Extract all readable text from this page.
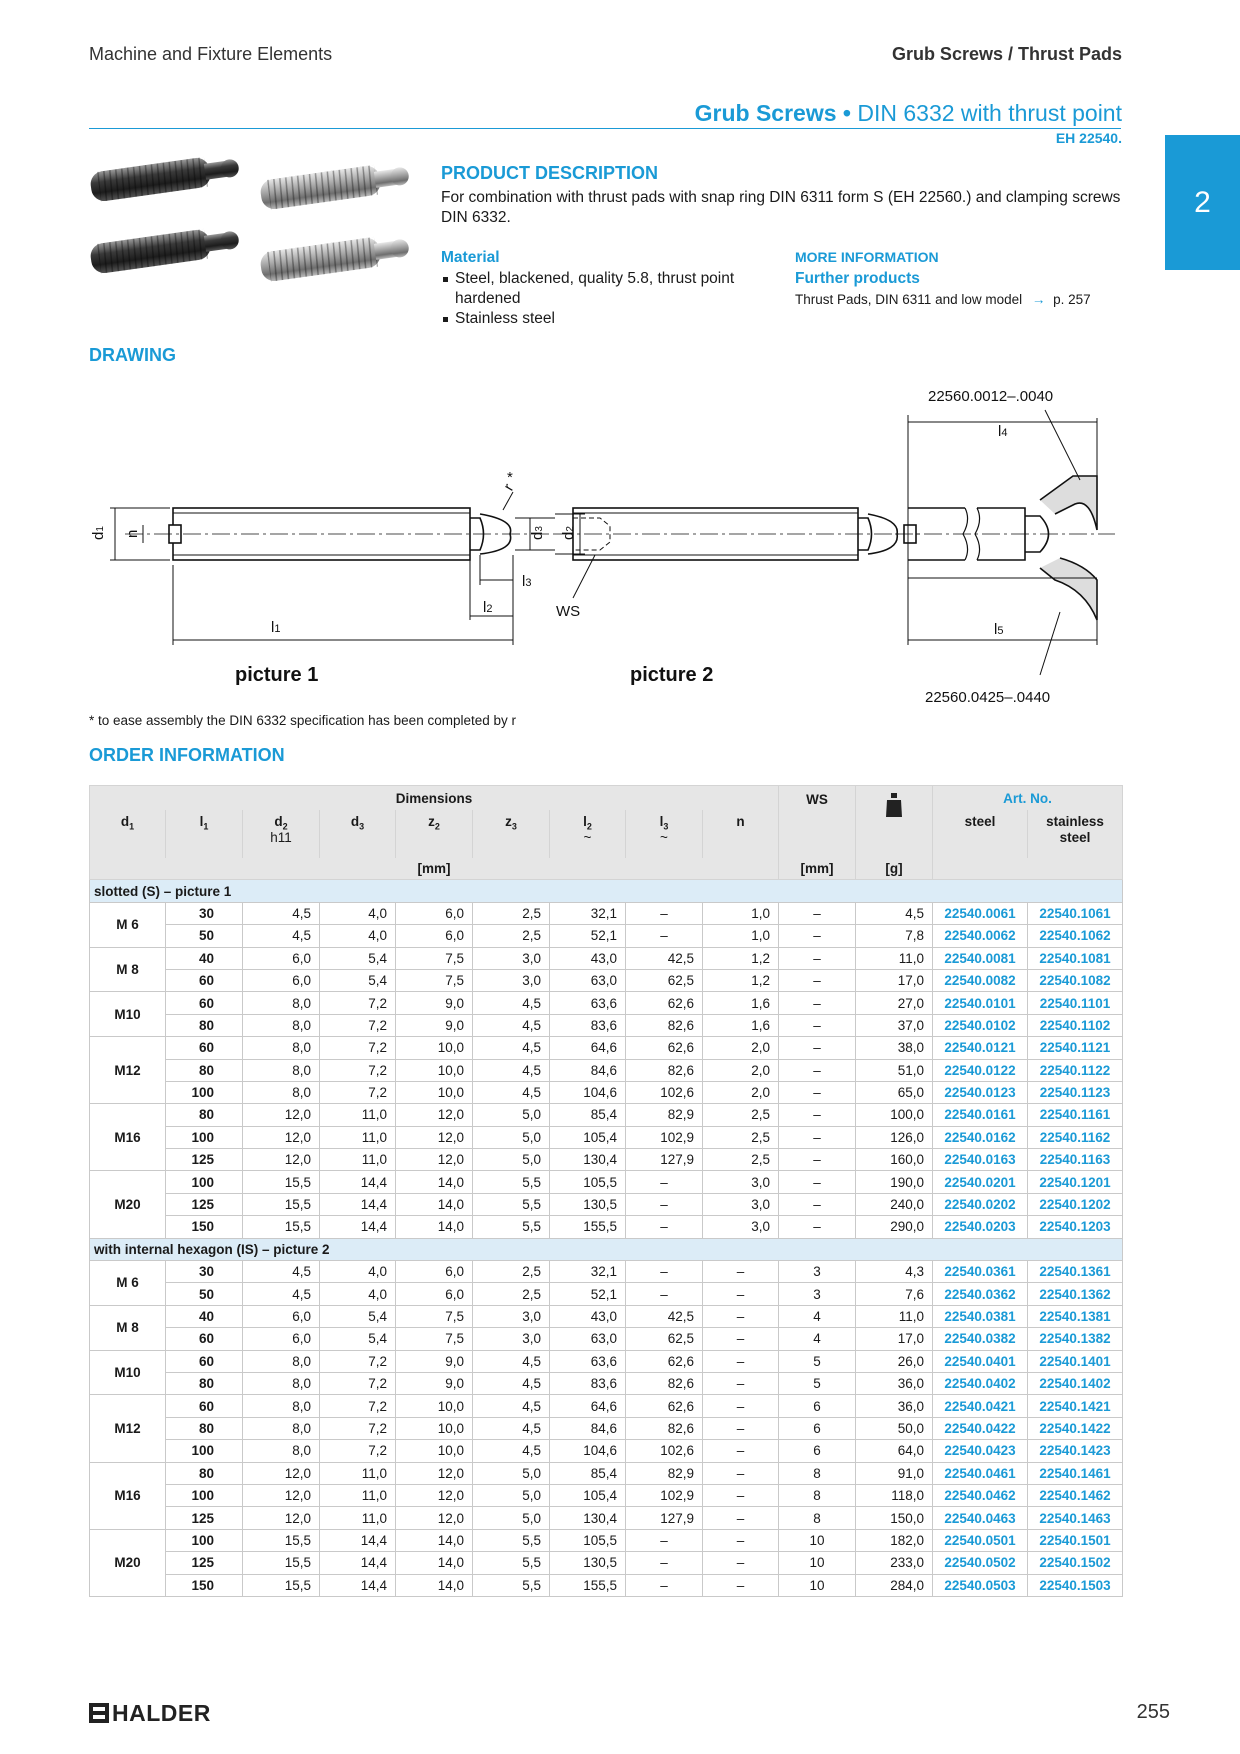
Machine and Fixture Elements	Grub Screws / Thrust Pads
2
Grub Screws • DIN 6332 with thrust point
EH 22540.
PRODUCT DESCRIPTION
For combination with thrust pads with snap ring DIN 6311 form S (EH 22560.) and clamping screws DIN 6332.
Material
Steel, blackened, quality 5.8, thrust point hardened
Stainless steel
MORE INFORMATION
Further products
Thrust Pads, DIN 6311 and low model → p. 257
DRAWING
d1
n	d3
d2
r
*
l1
l2
l3
picture 1
WS
picture 2
22560.0012–.0040
22560.0425–.0440
l4
l5
* to ease assembly the DIN 6332 specification has been completed by r
ORDER INFORMATION
Dimensions									WS		Art. No.	
$d_1$	$l_1$	$d_2$
h11	$d_3$	$z_2$	$z_3$	$l_2$
~	$l_3$
~	n			steel	stainless steel
[mm]									[mm]	[g]		
slotted (S) – picture 1												
M 6	30	4,5	4,0	6,0	2,5	32,1	–	1,0	–	4,5	22540.0061	22540.1061
	50	4,5	4,0	6,0	2,5	52,1	–	1,0	–	7,8	22540.0062	22540.1062
M 8	40	6,0	5,4	7,5	3,0	43,0	42,5	1,2	–	11,0	22540.0081	22540.1081
	60	6,0	5,4	7,5	3,0	63,0	62,5	1,2	–	17,0	22540.0082	22540.1082
M10	60	8,0	7,2	9,0	4,5	63,6	62,6	1,6	–	27,0	22540.0101	22540.1101
	80	8,0	7,2	9,0	4,5	83,6	82,6	1,6	–	37,0	22540.0102	22540.1102
M12	60	8,0	7,2	10,0	4,5	64,6	62,6	2,0	–	38,0	22540.0121	22540.1121
	80	8,0	7,2	10,0	4,5	84,6	82,6	2,0	–	51,0	22540.0122	22540.1122
	100	8,0	7,2	10,0	4,5	104,6	102,6	2,0	–	65,0	22540.0123	22540.1123
M16	80	12,0	11,0	12,0	5,0	85,4	82,9	2,5	–	100,0	22540.0161	22540.1161
	100	12,0	11,0	12,0	5,0	105,4	102,9	2,5	–	126,0	22540.0162	22540.1162
	125	12,0	11,0	12,0	5,0	130,4	127,9	2,5	–	160,0	22540.0163	22540.1163
M20	100	15,5	14,4	14,0	5,5	105,5	–	3,0	–	190,0	22540.0201	22540.1201
	125	15,5	14,4	14,0	5,5	130,5	–	3,0	–	240,0	22540.0202	22540.1202
	150	15,5	14,4	14,0	5,5	155,5	–	3,0	–	290,0	22540.0203	22540.1203
with internal hexagon (IS) – picture 2												
M 6	30	4,5	4,0	6,0	2,5	32,1	–	–	3	4,3	22540.0361	22540.1361
	50	4,5	4,0	6,0	2,5	52,1	–	–	3	7,6	22540.0362	22540.1362
M 8	40	6,0	5,4	7,5	3,0	43,0	42,5	–	4	11,0	22540.0381	22540.1381
	60	6,0	5,4	7,5	3,0	63,0	62,5	–	4	17,0	22540.0382	22540.1382
M10	60	8,0	7,2	9,0	4,5	63,6	62,6	–	5	26,0	22540.0401	22540.1401
	80	8,0	7,2	9,0	4,5	83,6	82,6	–	5	36,0	22540.0402	22540.1402
M12	60	8,0	7,2	10,0	4,5	64,6	62,6	–	6	36,0	22540.0421	22540.1421
	80	8,0	7,2	10,0	4,5	84,6	82,6	–	6	50,0	22540.0422	22540.1422
	100	8,0	7,2	10,0	4,5	104,6	102,6	–	6	64,0	22540.0423	22540.1423
M16	80	12,0	11,0	12,0	5,0	85,4	82,9	–	8	91,0	22540.0461	22540.1461
	100	12,0	11,0	12,0	5,0	105,4	102,9	–	8	118,0	22540.0462	22540.1462
	125	12,0	11,0	12,0	5,0	130,4	127,9	–	8	150,0	22540.0463	22540.1463
M20	100	15,5	14,4	14,0	5,5	105,5	–	–	10	182,0	22540.0501	22540.1501
	125	15,5	14,4	14,0	5,5	130,5	–	–	10	233,0	22540.0502	22540.1502
	150	15,5	14,4	14,0	5,5	155,5	–	–	10	284,0	22540.0503	22540.1503
HALDER	255
